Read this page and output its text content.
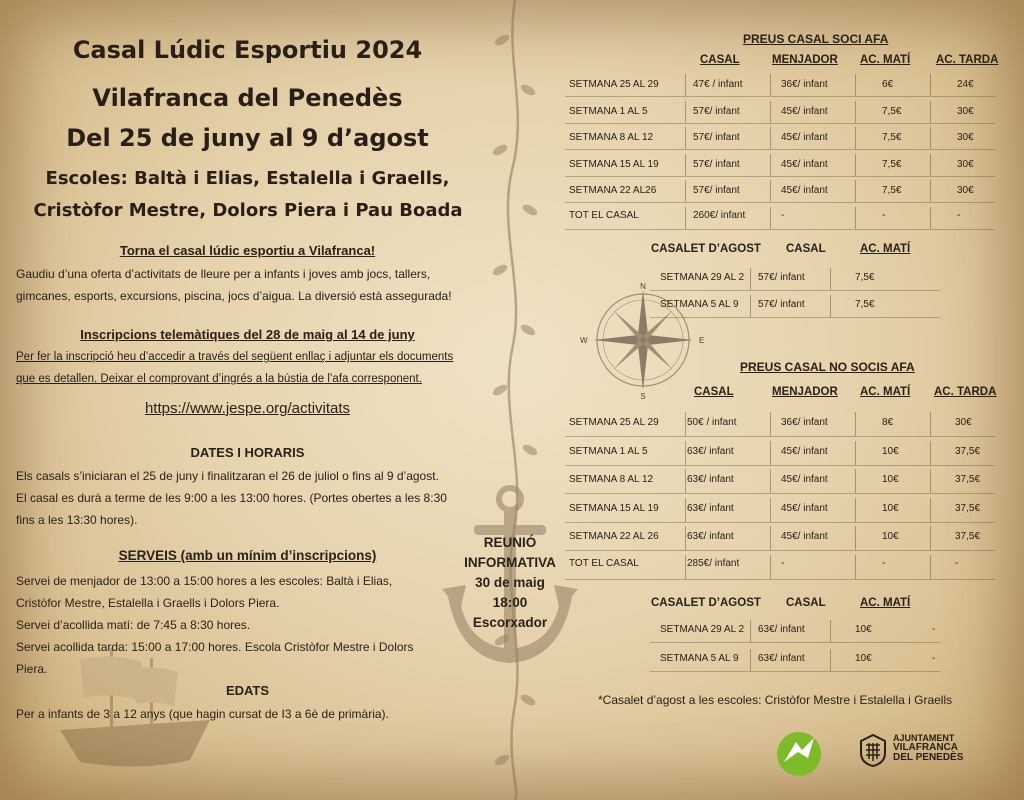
N
S
W	E
Casal Lúdic Esportiu 2024
Vilafranca del Penedès
Del 25 de juny al 9 d’agost
Escoles: Baltà i Elias, Estalella i Graells,
Cristòfor Mestre, Dolors Piera i Pau Boada
Torna el casal lúdic esportiu a Vilafranca!
Gaudiu d’una oferta d’activitats de lleure per a infants i joves amb jocs, tallers,
gimcanes, esports, excursions, piscina, jocs d’aigua. La diversió està assegurada!
Inscripcions telemàtiques del 28 de maig al 14 de juny
Per fer la inscripció heu d’accedir a través del següent enllaç i adjuntar els documents
que es detallen. Deixar el comprovant d’ingrés a la bústia de l’afa corresponent.
https://www.jespe.org/activitats
DATES I HORARIS
Els casals s’iniciaran el 25 de juny i finalitzaran el 26 de juliol o fins al 9 d’agost.
El casal es durà a terme de les 9:00 a les 13:00 hores. (Portes obertes a les 8:30
fins a les 13:30 hores).
SERVEIS (amb un mínim d’inscripcions)
Servei de menjador de 13:00 a 15:00 hores a les escoles: Baltà i Elias,
Cristòfor Mestre, Estalella i Graells i Dolors Piera.
Servei d’acollida matí: de 7:45 a 8:30 hores.
Servei acollida tarda: 15:00 a 17:00 hores. Escola Cristòfor Mestre i Dolors
Piera.
EDATS
Per a infants de 3 a 12 anys (que hagin cursat de I3 a 6è de primària).
REUNIÓ
INFORMATIVA
30 de maig
18:00
Escorxador
PREUS CASAL SOCI AFA
CASAL	MENJADOR AC. MATÍ AC. TARDA
SETMANA 25 AL 29	47€ / infant	36€/ infant	6€	24€
SETMANA 1 AL 5	57€/ infant	45€/ infant	7,5€	30€
SETMANA 8 AL 12	57€/ infant	45€/ infant	7,5€	30€
SETMANA 15 AL 19	57€/ infant	45€/ infant	7,5€	30€
SETMANA 22 AL26	57€/ infant	45€/ infant	7,5€	30€
TOT EL CASAL	260€/ infant	-	-	-
CASALET D’AGOST CASAL	AC. MATÍ
SETMANA 29 AL 2 57€/ infant	7,5€
SETMANA 5 AL 9 57€/ infant	7,5€
PREUS CASAL NO SOCIS AFA
CASAL	MENJADOR AC. MATÍ AC. TARDA
SETMANA 25 AL 29	50€ / infant	36€/ infant	8€	30€
SETMANA 1 AL 5	63€/ infant	45€/ infant	10€	37,5€
SETMANA 8 AL 12	63€/ infant	45€/ infant	10€	37,5€
SETMANA 15 AL 19	63€/ infant	45€/ infant	10€	37,5€
SETMANA 22 AL 26	63€/ infant	45€/ infant	10€	37,5€
TOT EL CASAL	285€/ infant	-	-	-
CASALET D’AGOST CASAL	AC. MATÍ
SETMANA 29 AL 2 63€/ infant	10€	-
SETMANA 5 AL 9 63€/ infant	10€	-
*Casalet d’agost a les escoles: Cristòfor Mestre i Estalella i Graells
AJUNTAMENT
VILAFRANCA
DEL PENEDÈS
